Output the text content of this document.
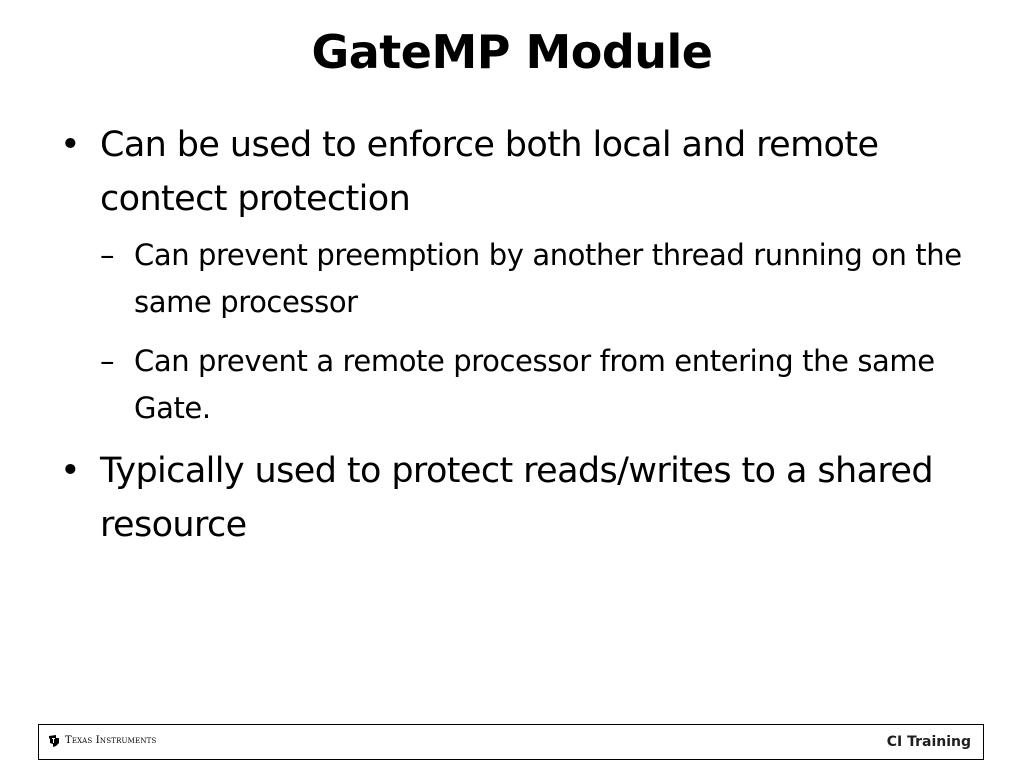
GateMP Module
• Can be used to enforce both local and remote contect protection
– Can prevent preemption by another thread running on the same processor
– Can prevent a remote processor from entering the same Gate.
• Typically used to protect reads/writes to a shared resource
Texas Instruments	CI Training
